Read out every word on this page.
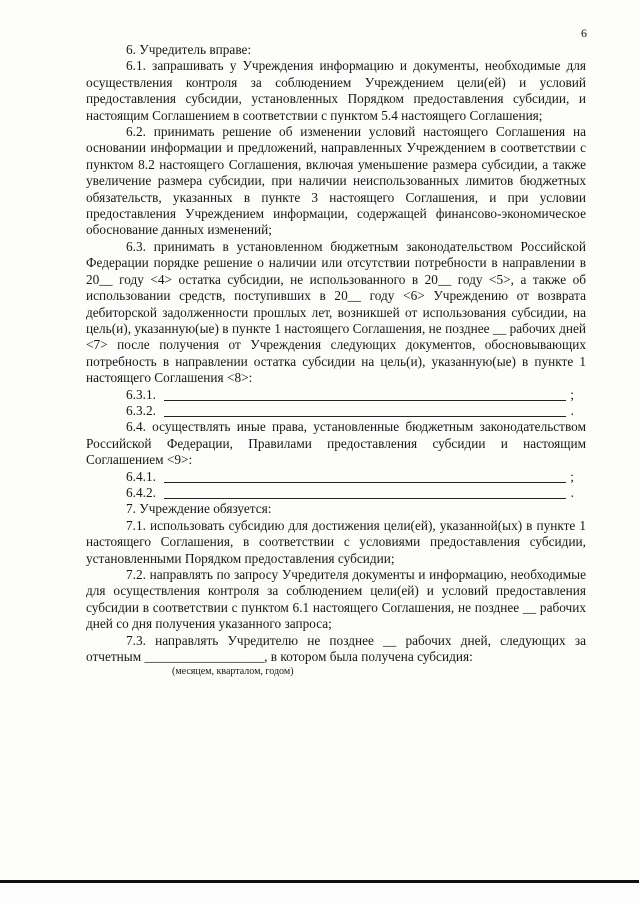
6

6. Учредитель вправе:

6.1. запрашивать у Учреждения информацию и документы, необходимые для осуществления контроля за соблюдением Учреждением цели(ей) и условий предоставления субсидии, установленных Порядком предоставления субсидии, и настоящим Соглашением в соответствии с пунктом 5.4 настоящего Соглашения;

6.2. принимать решение об изменении условий настоящего Соглашения на основании информации и предложений, направленных Учреждением в соответствии с пунктом 8.2 настоящего Соглашения, включая уменьшение размера субсидии, а также увеличение размера субсидии, при наличии неиспользованных лимитов бюджетных обязательств, указанных в пункте 3 настоящего Соглашения, и при условии предоставления Учреждением информации, содержащей финансово-экономическое обоснование данных изменений;

6.3. принимать в установленном бюджетным законодательством Российской Федерации порядке решение о наличии или отсутствии потребности в направлении в 20__ году <4> остатка субсидии, не использованного в 20__ году <5>, а также об использовании средств, поступивших в 20__ году <6> Учреждению от возврата дебиторской задолженности прошлых лет, возникшей от использования субсидии, на цель(и), указанную(ые) в пункте 1 настоящего Соглашения, не позднее __ рабочих дней <7> после получения от Учреждения следующих документов, обосновывающих потребность в направлении остатка субсидии на цель(и), указанную(ые) в пункте 1 настоящего Соглашения <8>:

6.3.1.	;
6.3.2.	.

6.4. осуществлять иные права, установленные бюджетным законодательством Российской Федерации, Правилами предоставления субсидии и настоящим Соглашением <9>:

6.4.1.	;
6.4.2.	.

7. Учреждение обязуется:

7.1. использовать субсидию для достижения цели(ей), указанной(ых) в пункте 1 настоящего Соглашения, в соответствии с условиями предоставления субсидии, установленными Порядком предоставления субсидии;

7.2. направлять по запросу Учредителя документы и информацию, необходимые для осуществления контроля за соблюдением цели(ей) и условий предоставления субсидии в соответствии с пунктом 6.1 настоящего Соглашения, не позднее __ рабочих дней со дня получения указанного запроса;

7.3. направлять Учредителю не позднее __ рабочих дней, следующих за отчетным __________________, в котором была получена субсидия:

(месяцем, кварталом, годом)
